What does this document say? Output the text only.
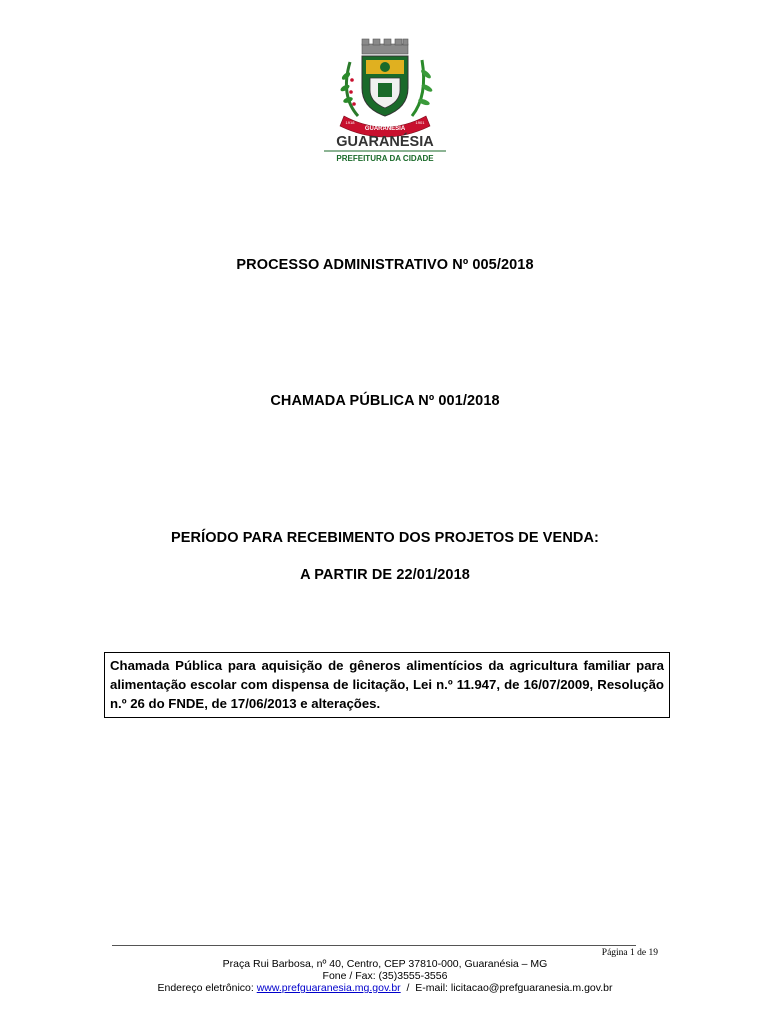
GUARANÉSIA
1918	1901
GUARANÉSIA
PREFEITURA DA CIDADE
PROCESSO ADMINISTRATIVO Nº 005/2018
CHAMADA PÚBLICA Nº 001/2018
PERÍODO PARA RECEBIMENTO DOS PROJETOS DE VENDA:
A PARTIR DE 22/01/2018
Chamada Pública para aquisição de gêneros alimentícios da agricultura familiar para alimentação escolar com dispensa de licitação, Lei n.º 11.947, de 16/07/2009, Resolução n.º 26 do FNDE, de 17/06/2013 e alterações.
Página 1 de 19
Praça Rui Barbosa, nº 40, Centro, CEP 37810-000, Guaranésia – MG
Fone / Fax: (35)3555-3556
Endereço eletrônico: www.prefguaranesia.mg.gov.br  /  E-mail: licitacao@prefguaranesia.m.gov.br
